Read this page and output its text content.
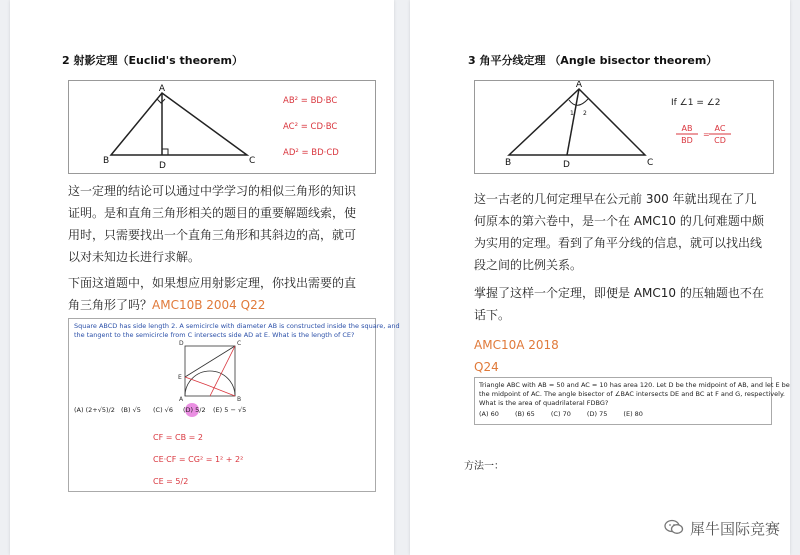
2 射影定理（Euclid's theorem）
A
B	C
D
AB² = BD·BC
AC² = CD·BC
AD² = BD·CD
这一定理的结论可以通过中学学习的相似三角形的知识
证明。是和直角三角形相关的题目的重要解题线索，使
用时，只需要找出一个直角三角形和其斜边的高，就可
以对未知边长进行求解。
下面这道题中，如果想应用射影定理，你找出需要的直
角三角形了吗？AMC10B 2004 Q22
Square ABCD has side length 2. A semicircle with diameter AB is constructed inside the square, and
the tangent to the semicircle from C intersects side AD at E. What is the length of CE?
D	C
A	B
E
(A) (2+√5)/2 (B) √5 (C) √6 (D) 5/2 (E) 5 − √5
CF = CB = 2
CE·CF = CG² = 1² + 2²
CE = 5/2
3 角平分线定理 （Angle bisector theorem）
A
B	C
D
1 2
If ∠1 = ∠2
AB
BD
=
AC
CD
这一古老的几何定理早在公元前 300 年就出现在了几
何原本的第六卷中，是一个在 AMC10 的几何难题中颇
为实用的定理。看到了角平分线的信息，就可以找出线
段之间的比例关系。
掌握了这样一个定理，即便是 AMC10 的压轴题也不在
话下。
AMC10A 2018
Q24
Triangle ABC with AB = 50 and AC = 10 has area 120. Let D be the midpoint of AB, and let E be
the midpoint of AC. The angle bisector of ∠BAC intersects DE and BC at F and G, respectively.
What is the area of quadrilateral FDBG?
(A) 60 (B) 65 (C) 70 (D) 75 (E) 80
方法一：
犀牛国际竞赛
